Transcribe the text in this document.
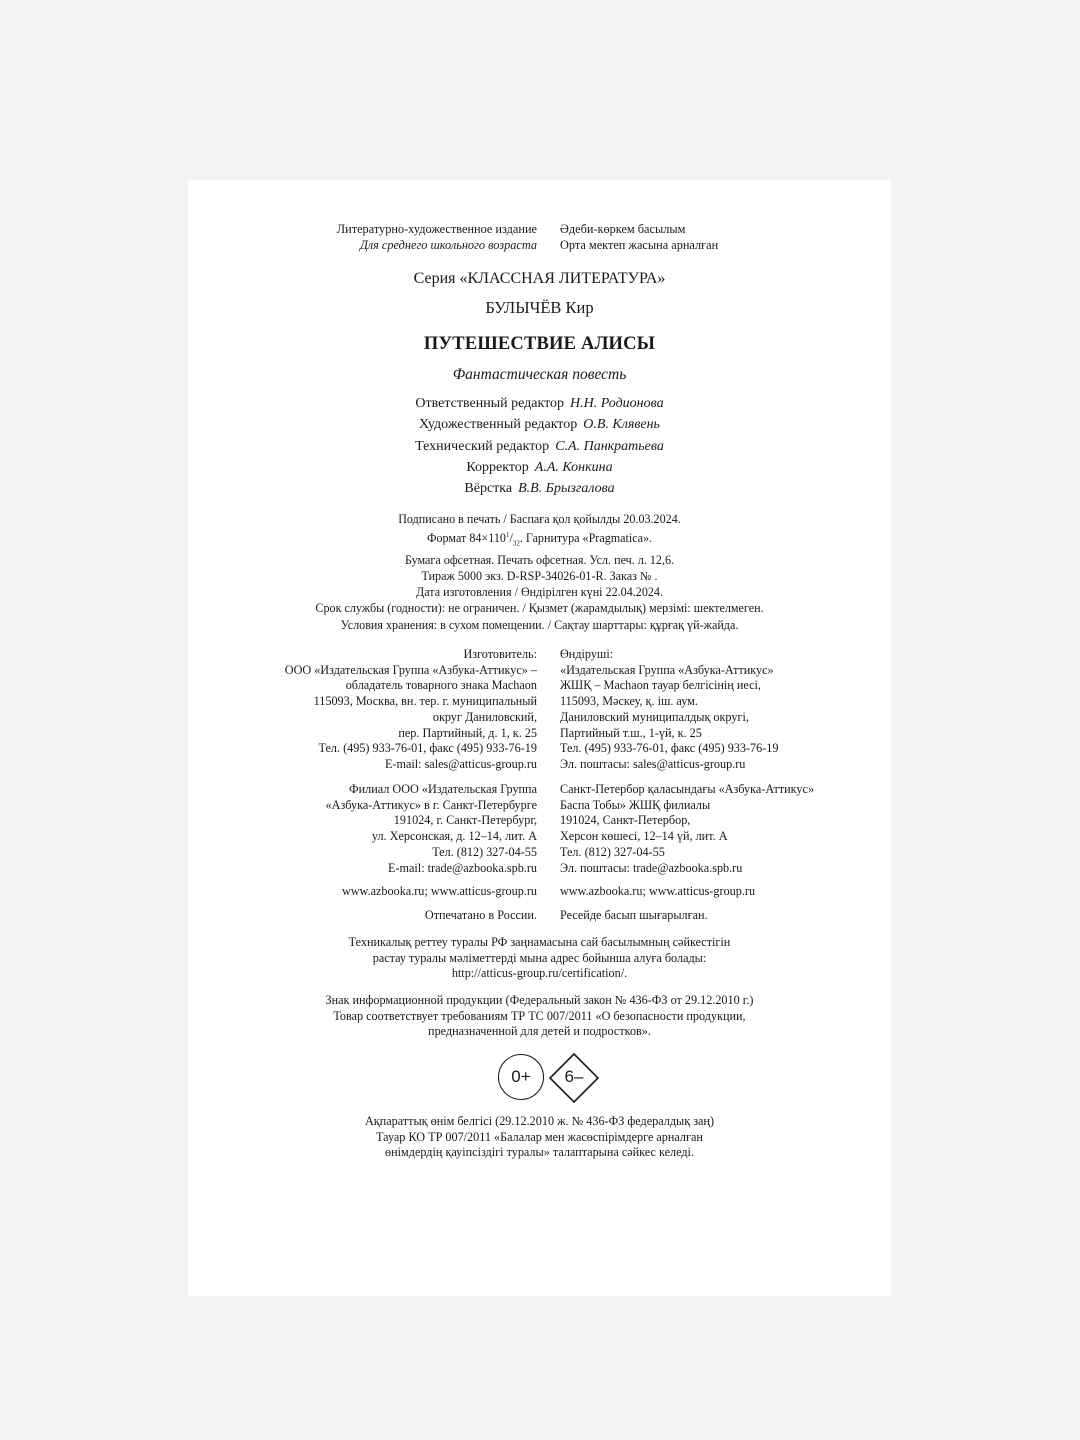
Литературно-художественное издание
Для среднего школьного возраста
Әдеби-көркем басылым
Орта мектеп жасына арналған
Серия «КЛАССНАЯ ЛИТЕРАТУРА»
БУЛЫЧЁВ Кир
ПУТЕШЕСТВИЕ АЛИСЫ
Фантастическая повесть
Ответственный редактор Н.Н. Родионова
Художественный редактор О.В. Клявень
Технический редактор С.А. Панкратьева
Корректор А.А. Конкина
Вёрстка В.В. Брызгалова
Подписано в печать / Баспаға қол қойылды 20.03.2024.
Формат $84\times 110^1/_{32}$. Гарнитура «Pragmatica».
Бумага офсетная. Печать офсетная. Усл. печ. л. 12,6.
Тираж 5000 экз. D-RSP-34026-01-R. Заказ № .
Дата изготовления / Өндірілген күні 22.04.2024.
Срок службы (годности): не ограничен. / Қызмет (жарамдылық) мерзімі: шектелмеген.
Условия хранения: в сухом помещении. / Сақтау шарттары: құрғақ үй-жайда.
Изготовитель:
ООО «Издательская Группа «Азбука-Аттикус» –
обладатель товарного знака Machaon
115093, Москва, вн. тер. г. муниципальный
округ Даниловский,
пер. Партийный, д. 1, к. 25
Тел. (495) 933-76-01, факс (495) 933-76-19
E-mail: sales@atticus-group.ru
Өндіруші:
«Издательская Группа «Азбука-Аттикус»
ЖШҚ – Machaon тауар белгісінің иесі,
115093, Мәскеу, қ. іш. аум.
Даниловский муниципалдық округі,
Партийный т.ш., 1-үй, к. 25
Тел. (495) 933-76-01, факс (495) 933-76-19
Эл. поштасы: sales@atticus-group.ru
Филиал ООО «Издательская Группа
«Азбука-Аттикус» в г. Санкт-Петербурге
191024, г. Санкт-Петербург,
ул. Херсонская, д. 12–14, лит. А
Тел. (812) 327-04-55
E-mail: trade@azbooka.spb.ru
Санкт-Петербор қаласындағы «Азбука-Аттикус»
Баспа Тобы» ЖШҚ филиалы
191024, Санкт-Петербор,
Херсон көшесі, 12–14 үй, лит. А
Тел. (812) 327-04-55
Эл. поштасы: trade@azbooka.spb.ru
www.azbooka.ru; www.atticus-group.ru www.azbooka.ru; www.atticus-group.ru
Отпечатано в России. Ресейде басып шығарылған.
Техникалық реттеу туралы РФ заңнамасына сай басылымның сәйкестігін
растау туралы мәліметтерді мына адрес бойынша алуға болады:
http://atticus-group.ru/certification/.
Знак информационной продукции (Федеральный закон № 436-ФЗ от 29.12.2010 г.)
Товар соответствует требованиям ТР ТС 007/2011 «О безопасности продукции,
предназначенной для детей и подростков».
0+	6–
Ақпараттық өнім белгісі (29.12.2010 ж. № 436-ФЗ федералдық заң)
Тауар КО ТР 007/2011 «Балалар мен жасөспірімдерге арналған
өнімдердің қауіпсіздігі туралы» талаптарына сәйкес келеді.
